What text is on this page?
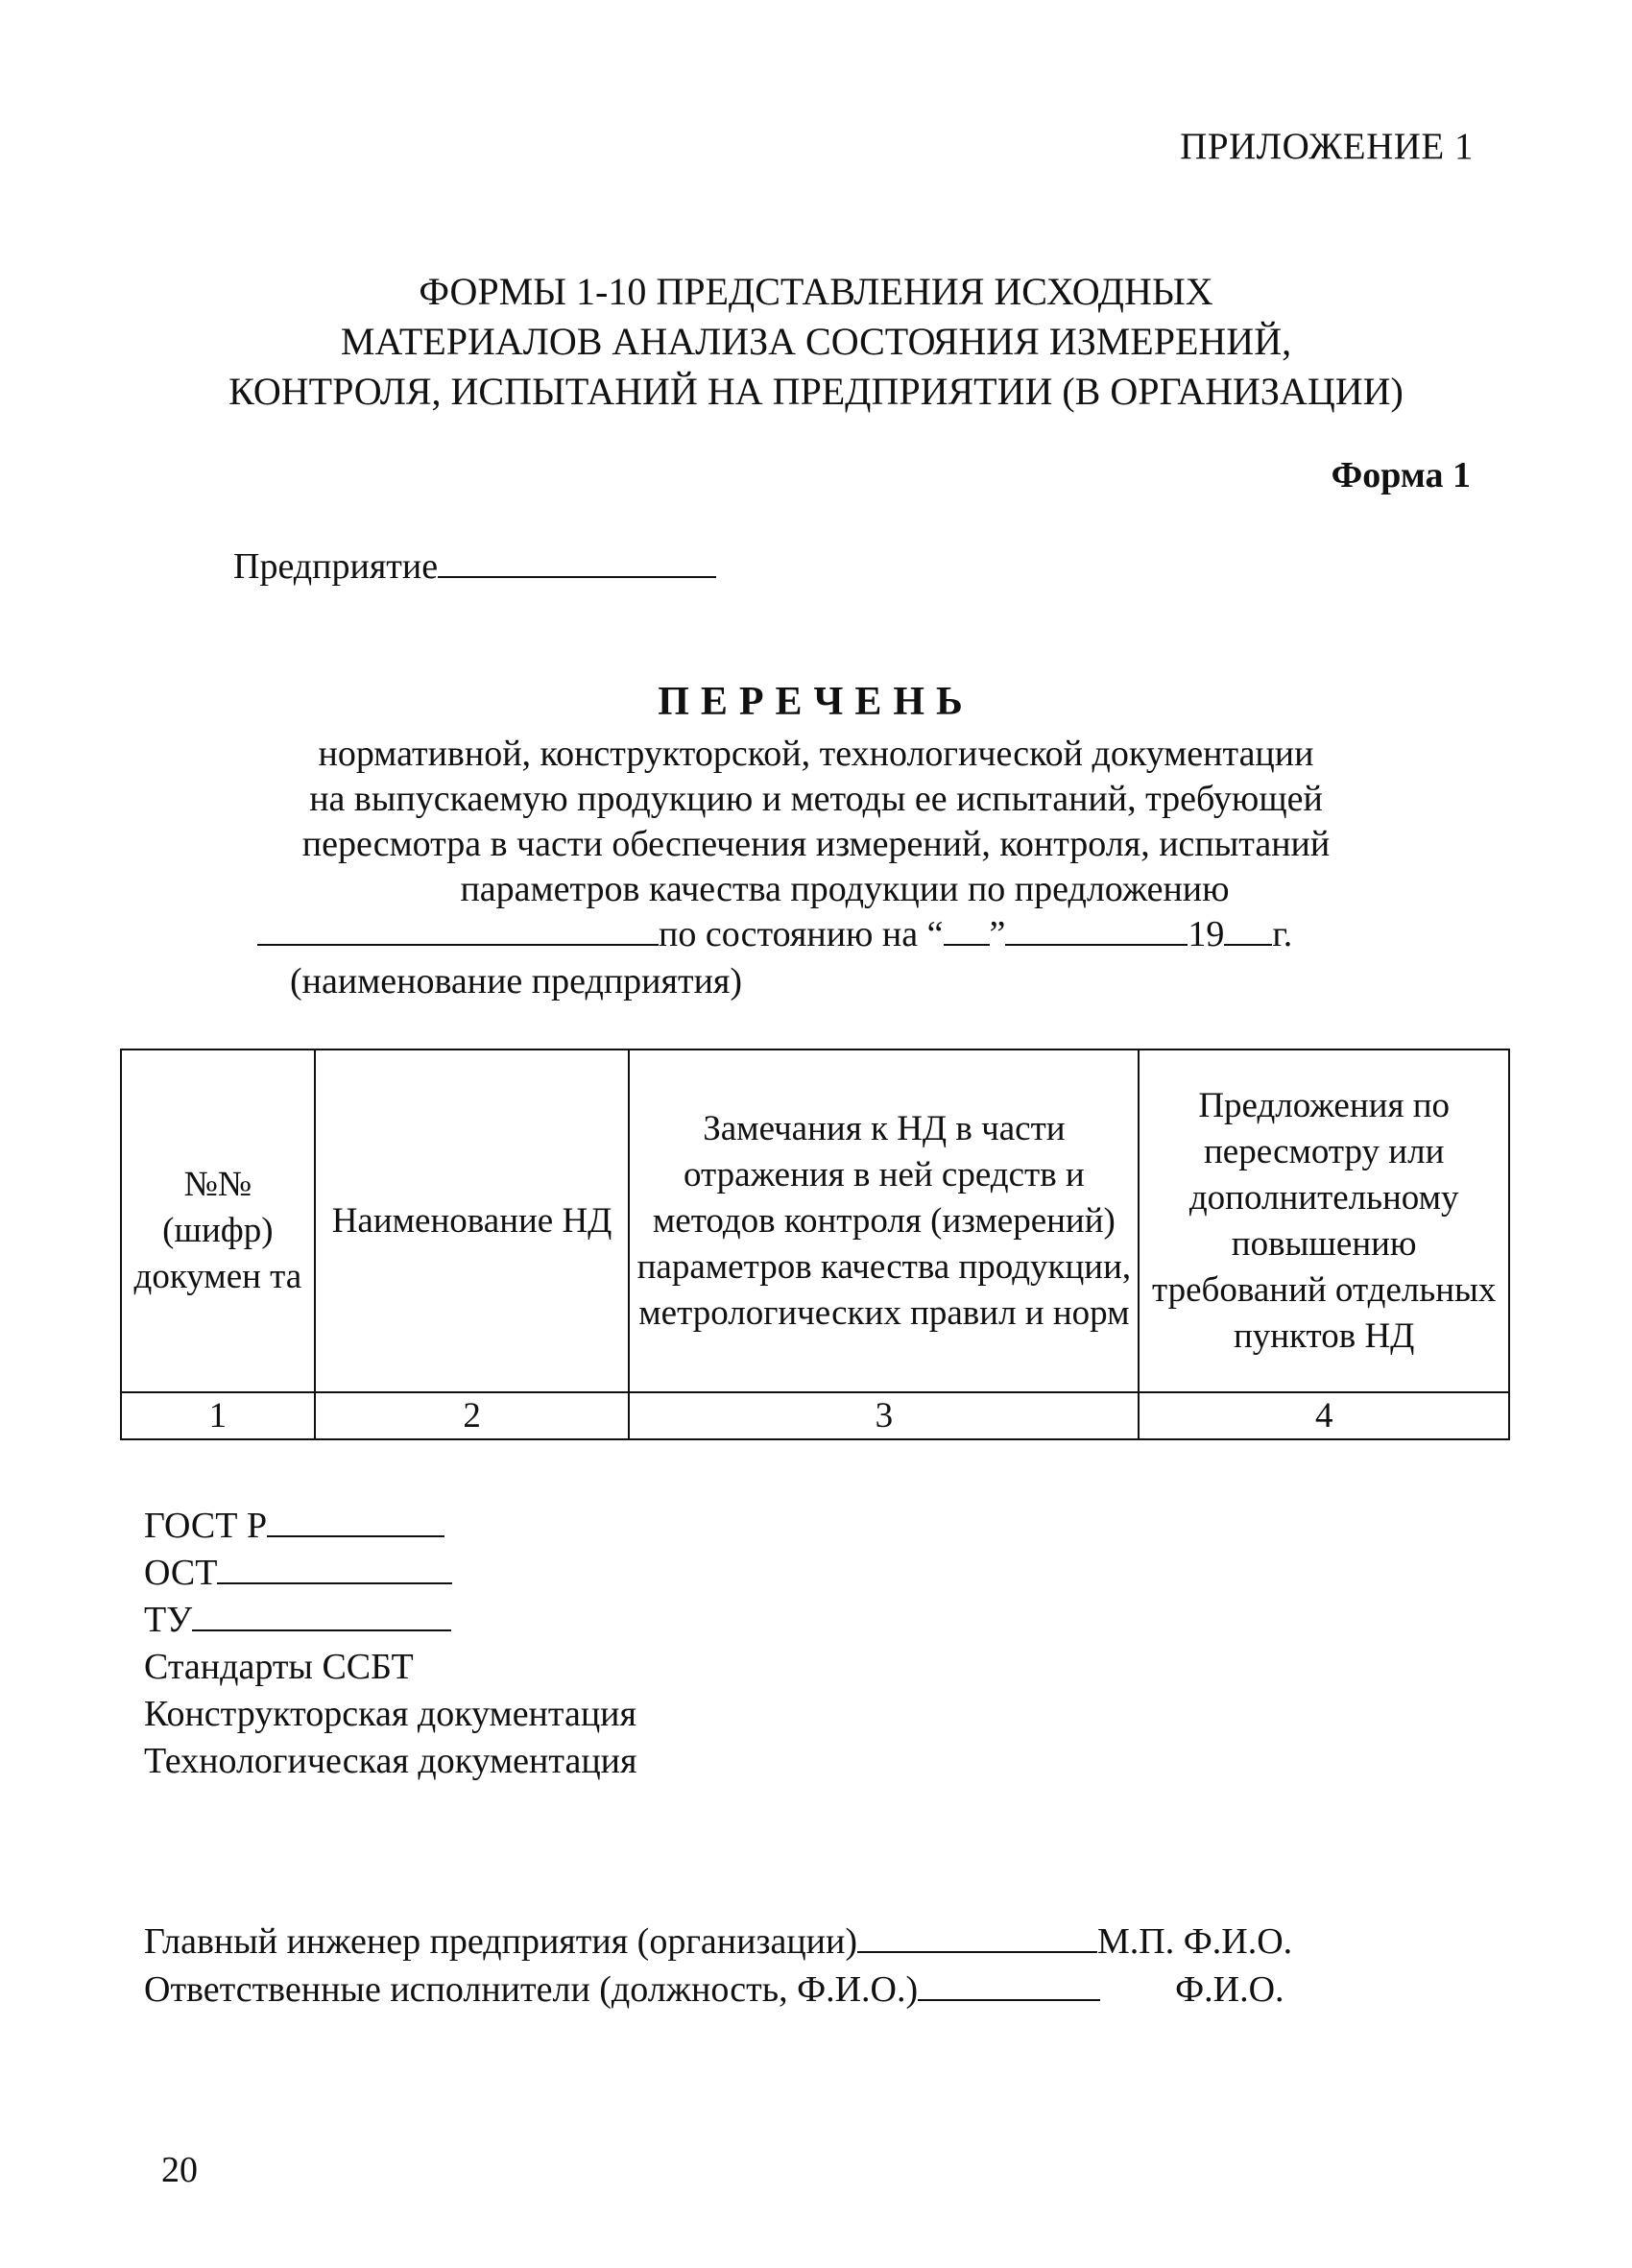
ПРИЛОЖЕНИЕ 1
ФОРМЫ 1-10 ПРЕДСТАВЛЕНИЯ ИСХОДНЫХ
МАТЕРИАЛОВ АНАЛИЗА СОСТОЯНИЯ ИЗМЕРЕНИЙ,
КОНТРОЛЯ, ИСПЫТАНИЙ НА ПРЕДПРИЯТИИ (В ОРГАНИЗАЦИИ)
Форма 1
Предприятие
ПЕРЕЧЕНЬ
нормативной, конструкторской, технологической документации
на выпускаемую продукцию и методы ее испытаний, требующей
пересмотра в части обеспечения измерений, контроля, испытаний
параметров качества продукции по предложению
по состоянию на “ ”	19 г.
(наименование предприятия)
№№ (шифр) докумен та	Наименование НД	Замечания к НД в части отражения в ней средств и методов контроля (измерений) параметров качества продукции, метрологических правил и норм	Предложения по пересмотру или дополнительному повышению требований отдельных пунктов НД
1	2	3	4
ГОСТ Р
ОСТ
ТУ
Стандарты ССБТ
Конструкторская документация
Технологическая документация
Главный инженер предприятия (организации)	М.П. Ф.И.О.
Ответственные исполнители (должность, Ф.И.О.)	Ф.И.О.
20
